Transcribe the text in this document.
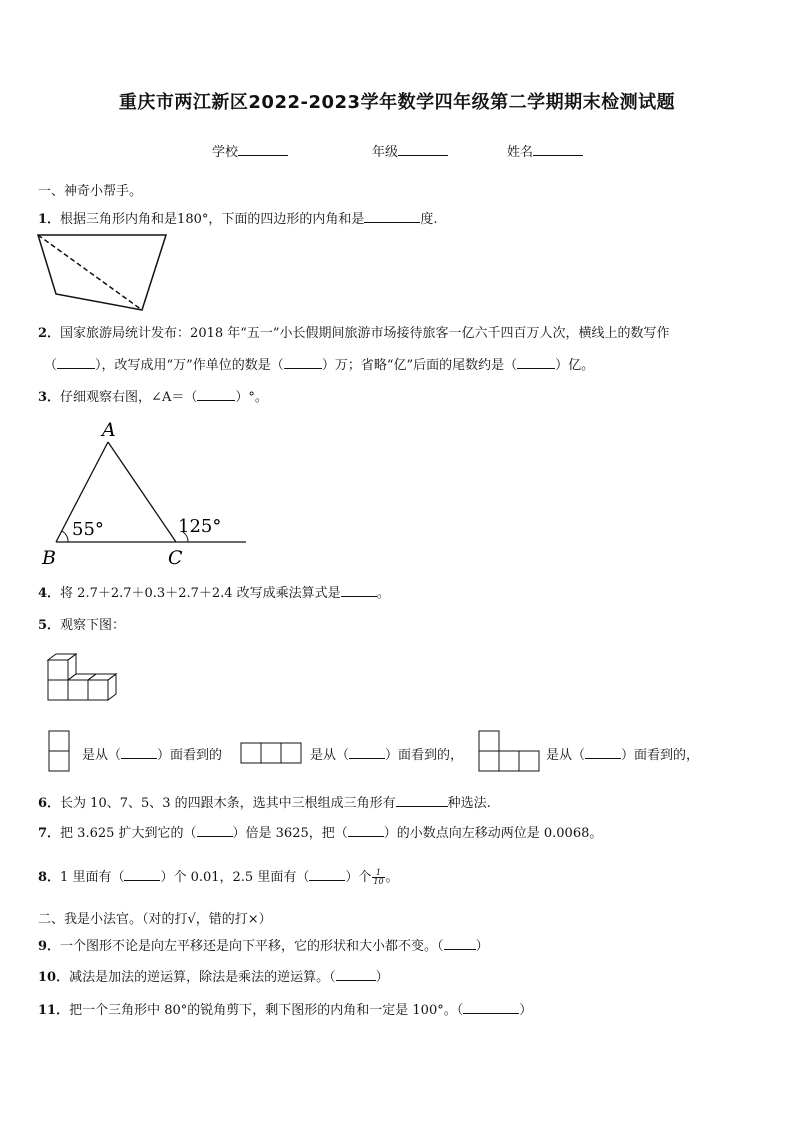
重庆市两江新区2022-2023学年数学四年级第二学期期末检测试题
学校	年级	姓名
一、神奇小帮手。
1．根据三角形内角和是180°，下面的四边形的内角和是	度.
2．国家旅游局统计发布：2018 年“五一”小长假期间旅游市场接待旅客一亿六千四百万人次，横线上的数写作
（	），改写成用“万”作单位的数是（	）万；省略“亿”后面的尾数约是（	）亿。
3．仔细观察右图，∠A＝（	）°。
A
B	C
55°	125°
4．将 2.7＋2.7＋0.3＋2.7＋2.4 改写成乘法算式是	。
5．观察下图：
是从（	）面看到的	是从（	）面看到的，	是从（	）面看到的，
6．长为 10、7、5、3 的四跟木条，选其中三根组成三角形有	种选法.
7．把 3.625 扩大到它的（	）倍是 3625，把（	）的小数点向左移动两位是 0.0068。
8．1 里面有（	）个 0.01，2.5 里面有（	）个 $\frac{1}{10}$ 。
二、我是小法官。（对的打√，错的打×）
9．一个图形不论是向左平移还是向下平移，它的形状和大小都不变。（ ）
10．减法是加法的逆运算，除法是乘法的逆运算。（	）
11．把一个三角形中 80°的锐角剪下，剩下图形的内角和一定是 100°。（	）
